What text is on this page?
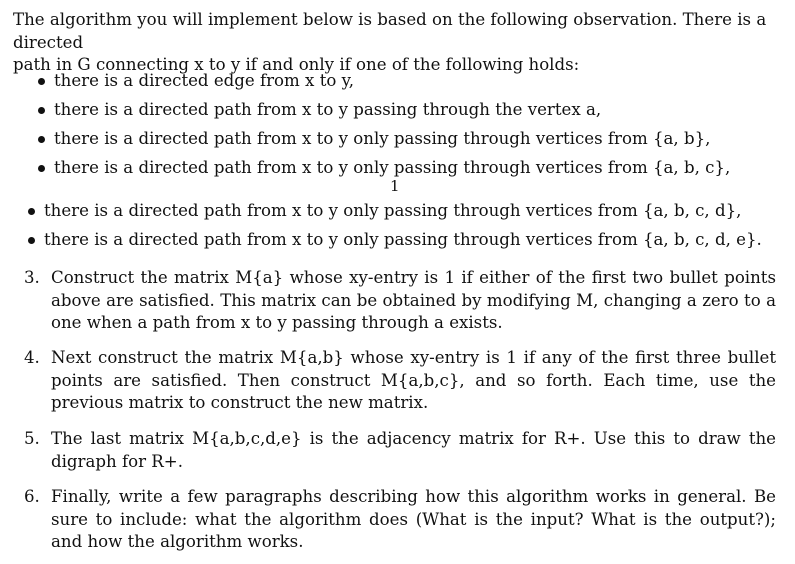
The algorithm you will implement below is based on the following observation. There is a directed
path in G connecting x to y if and only if one of the following holds:
there is a directed edge from x to y,
there is a directed path from x to y passing through the vertex a,
there is a directed path from x to y only passing through vertices from {a, b},
there is a directed path from x to y only passing through vertices from {a, b, c},
1
there is a directed path from x to y only passing through vertices from {a, b, c, d},
there is a directed path from x to y only passing through vertices from {a, b, c, d, e}.
3. Construct the matrix M{a} whose xy-entry is 1 if either of the first two bullet points above are satisfied. This matrix can be obtained by modifying M, changing a zero to a one when a path from x to y passing through a exists.
4. Next construct the matrix M{a,b} whose xy-entry is 1 if any of the first three bullet points are satisfied. Then construct M{a,b,c}, and so forth. Each time, use the previous matrix to construct the new matrix.
5. The last matrix M{a,b,c,d,e} is the adjacency matrix for R+. Use this to draw the digraph for R+.
6. Finally, write a few paragraphs describing how this algorithm works in general. Be sure to include: what the algorithm does (What is the input? What is the output?); and how the algorithm works.
